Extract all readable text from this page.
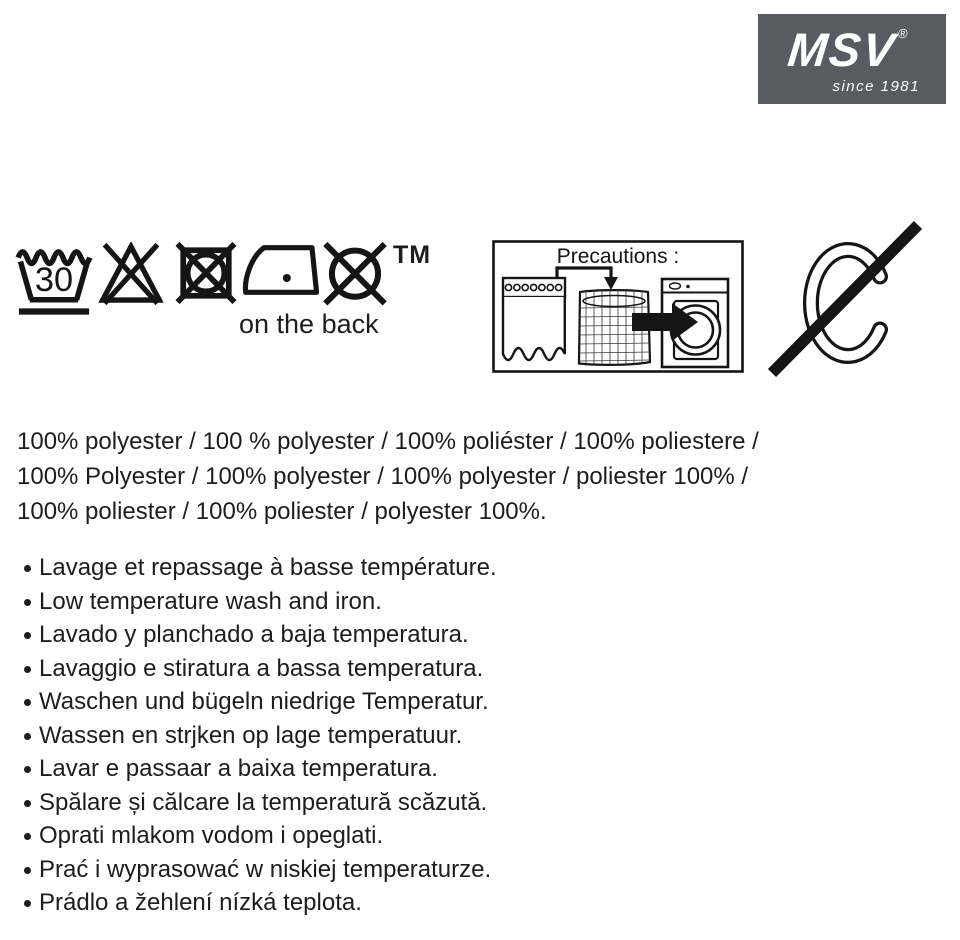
MSV®
since 1981
30
TM
on the back
Precautions :
100% polyester / 100 % polyester / 100% poliéster / 100% poliestere /
100% Polyester / 100% polyester / 100% polyester / poliester 100% /
100% poliester / 100% poliester / polyester 100%.
Lavage et repassage à basse température.
Low temperature wash and iron.
Lavado y planchado a baja temperatura.
Lavaggio e stiratura a bassa temperatura.
Waschen und bügeln niedrige Temperatur.
Wassen en strjken op lage temperatuur.
Lavar e passaar a baixa temperatura.
Spălare și călcare la temperatură scăzută.
Oprati mlakom vodom i opeglati.
Prać i wyprasować w niskiej temperaturze.
Prádlo a žehlení nízká teplota.
